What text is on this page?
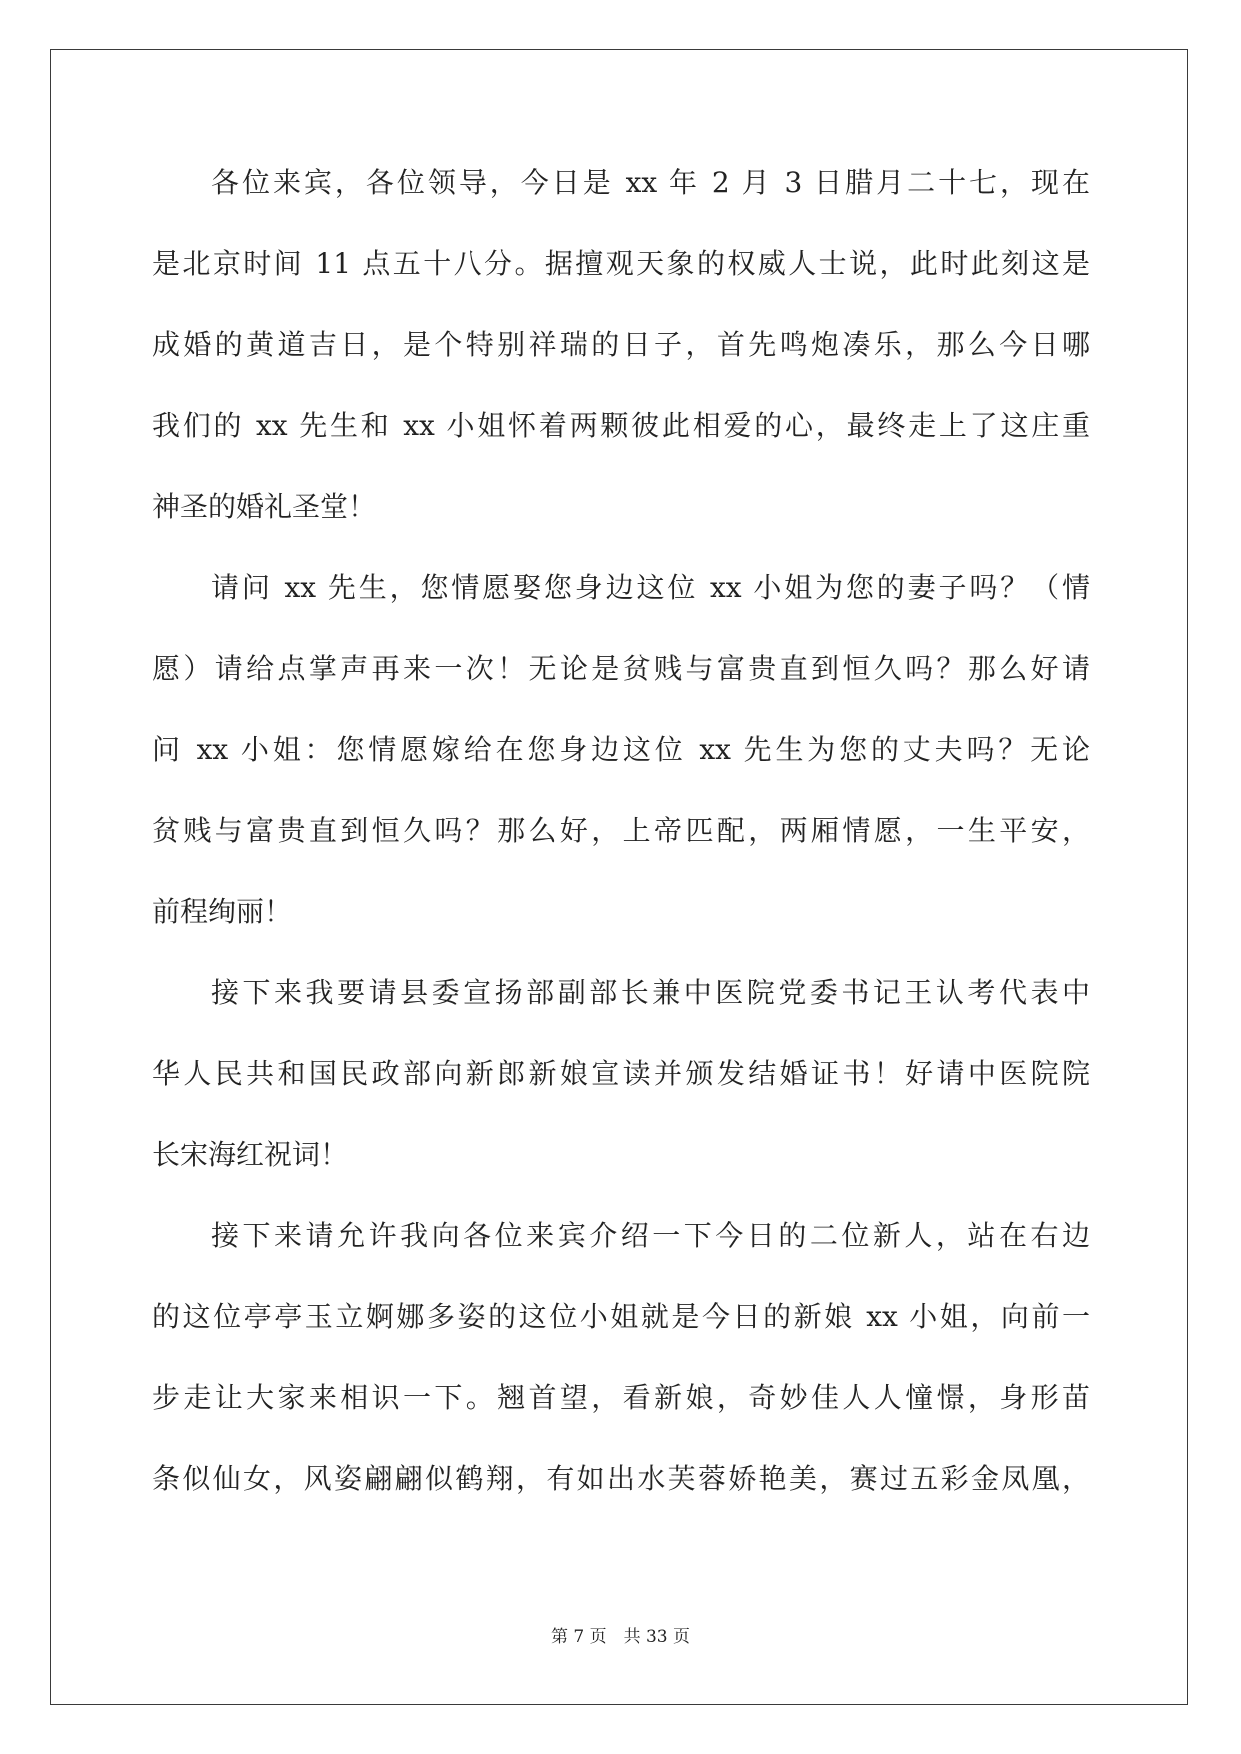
各位来宾，各位领导，今日是 xx 年 2 月 3 日腊月二十七，现在
是北京时间 11 点五十八分。据擅观天象的权威人士说，此时此刻这是
成婚的黄道吉日，是个特别祥瑞的日子，首先鸣炮凑乐，那么今日哪
我们的 xx 先生和 xx 小姐怀着两颗彼此相爱的心，最终走上了这庄重
神圣的婚礼圣堂！
请问 xx 先生，您情愿娶您身边这位 xx 小姐为您的妻子吗？（情
愿）请给点掌声再来一次！无论是贫贱与富贵直到恒久吗？那么好请
问 xx 小姐：您情愿嫁给在您身边这位 xx 先生为您的丈夫吗？无论
贫贱与富贵直到恒久吗？那么好，上帝匹配，两厢情愿，一生平安，
前程绚丽！
接下来我要请县委宣扬部副部长兼中医院党委书记王认考代表中
华人民共和国民政部向新郎新娘宣读并颁发结婚证书！好请中医院院
长宋海红祝词！
接下来请允许我向各位来宾介绍一下今日的二位新人，站在右边
的这位亭亭玉立婀娜多姿的这位小姐就是今日的新娘 xx 小姐，向前一
步走让大家来相识一下。翘首望，看新娘，奇妙佳人人憧憬，身形苗
条似仙女，风姿翩翩似鹤翔，有如出水芙蓉娇艳美，赛过五彩金凤凰，
第 7 页　共 33 页
